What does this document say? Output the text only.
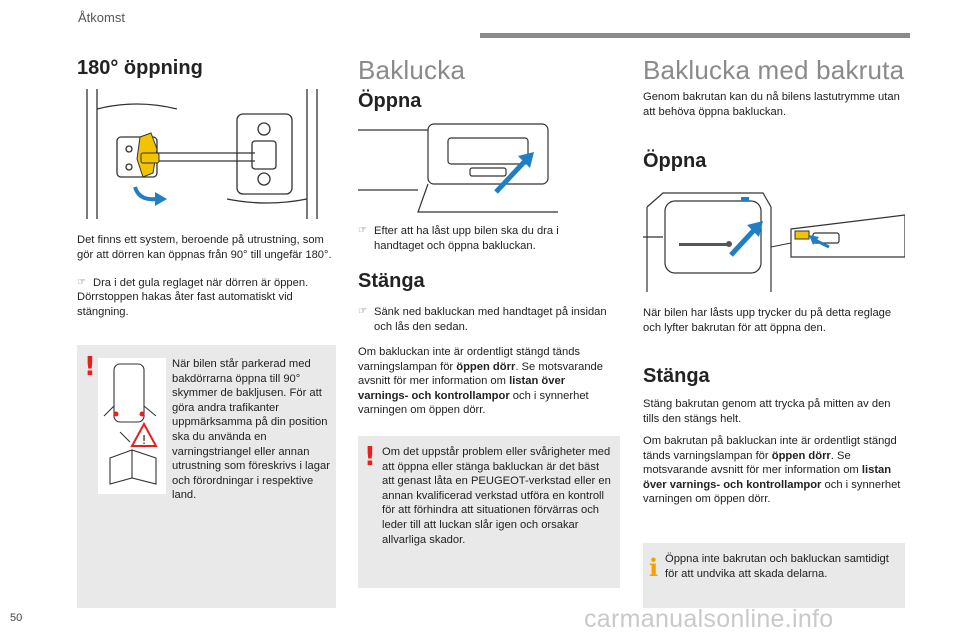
Åtkomst
180° öppning
Det finns ett system, beroende på utrustning, som gör att dörren kan öppnas från 90° till ungefär 180°.
☞ Dra i det gula reglaget när dörren är öppen.
Dörrstoppen hakas åter fast automatiskt vid stängning.
!
!
När bilen står parkerad med bakdörrarna öppna till 90° skymmer de bakljusen. För att göra andra trafikanter uppmärksamma på din position ska du använda en varningstriangel eller annan utrustning som föreskrivs i lagar och förordningar i respektive land.
Baklucka
Öppna
☞ Efter att ha låst upp bilen ska du dra i handtaget och öppna bakluckan.
Stänga
☞ Sänk ned bakluckan med handtaget på insidan och lås den sedan.
Om bakluckan inte är ordentligt stängd tänds varningslampan för öppen dörr. Se motsvarande avsnitt för mer information om listan över varnings- och kontrollampor och i synnerhet varningen om öppen dörr.
! Om det uppstår problem eller svårigheter med att öppna eller stänga bakluckan är det bäst att genast låta en PEUGEOT-verkstad eller en annan kvalificerad verkstad utföra en kontroll för att förhindra att situationen förvärras och leder till att luckan slår igen och orsakar allvarliga skador.
Baklucka med bakruta
Genom bakrutan kan du nå bilens lastutrymme utan att behöva öppna bakluckan.
Öppna
När bilen har låsts upp trycker du på detta reglage och lyfter bakrutan för att öppna den.
Stänga
Stäng bakrutan genom att trycka på mitten av den tills den stängs helt.
Om bakrutan på bakluckan inte är ordentligt stängd tänds varningslampan för öppen dörr. Se motsvarande avsnitt för mer information om listan över varnings- och kontrollampor och i synnerhet varningen om öppen dörr.
i Öppna inte bakrutan och bakluckan samtidigt för att undvika att skada delarna.
50	carmanualsonline.info
